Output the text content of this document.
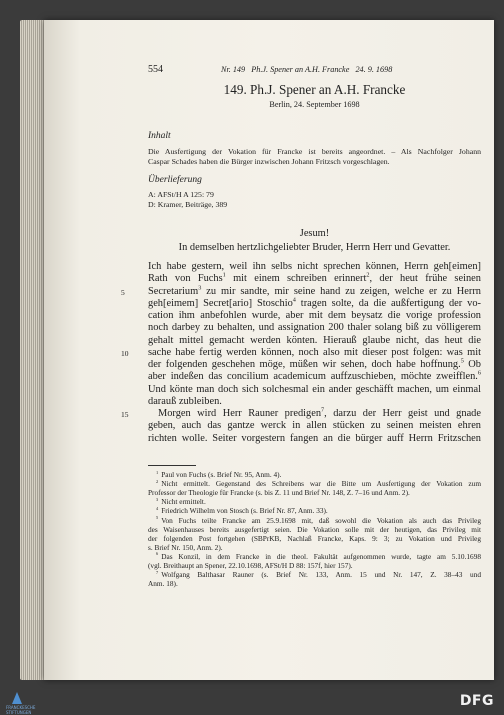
554	Nr. 149   Ph.J. Spener an A.H. Francke   24. 9. 1698
149. Ph.J. Spener an A.H. Francke
Berlin, 24. September 1698
Inhalt
Die Ausfertigung der Vokation für Francke ist bereits angeordnet. – Als Nachfolger Johann
Caspar Schades haben die Bürger inzwischen Johann Fritzsch vorgeschlagen.
Überlieferung
A: AFSt/H A 125: 79
D: Kramer, Beiträge, 389
Jesum!
In demselben hertzlichgeliebter Bruder, Herrn Herr und Gevatter.
Ich habe gestern, weil ihn selbs nicht sprechen können, Herrn geh[eimen]
Rath von Fuchs$^1$ mit einem schreiben erinnert$^2$, der heut frühe seinen
Secretarium$^3$ zu mir sandte, mir seine hand zu zeigen, welche er zu Herrn
5
geh[eimem] Secret[ario] Stoschio$^4$ tragen solte, da die außfertigung der vo-
cation ihm anbefohlen wurde, aber mit dem beysatz die vorige profession
noch darbey zu behalten, und assignation 200 thaler solang biß zu völligerem
gehalt mittel gemacht werden könten. Hierauß glaube nicht, das heut die
sache habe fertig werden können, noch also mit dieser post folgen: was mit
10
der folgenden geschehen möge, müßen wir sehen, doch habe hoffnung.$^5$ Ob
aber indeßen das concilium academicum auffzuschieben, möchte zweifflen.$^6$
Und könte man doch sich solchesmal ein ander geschäfft machen, um einmal
darauß zubleiben.
Morgen wird Herr Rauner predigen$^7$, darzu der Herr geist und gnade
15
geben, auch das gantze werck in allen stücken zu seinen meisten ehren
richten wolle. Seiter vorgestern fangen an die bürger auff Herrn Fritzschen
$^1$ Paul von Fuchs (s. Brief Nr. 95, Anm. 4).
$^2$ Nicht ermittelt. Gegenstand des Schreibens war die Bitte um Ausfertigung der Vokation zum
Professor der Theologie für Francke (s. bis Z. 11 und Brief Nr. 148, Z. 7–16 und Anm. 2).
$^3$ Nicht ermittelt.
$^4$ Friedrich Wilhelm von Stosch (s. Brief Nr. 87, Anm. 33).
$^5$ Von Fuchs teilte Francke am 25.9.1698 mit, daß sowohl die Vokation als auch das Privileg
des Waisenhauses bereits ausgefertigt seien. Die Vokation solle mit der heutigen, das Privileg mit
der folgenden Post fortgehen (SBPrKB, Nachlaß Francke, Kaps. 9: 3; zu Vokation und Privileg
s. Brief Nr. 150, Anm. 2).
$^6$ Das Konzil, in dem Francke in die theol. Fakultät aufgenommen wurde, tagte am 5.10.1698
(vgl. Breithaupt an Spener, 22.10.1698, AFSt/H D 88: 157f, hier 157).
$^7$ Wolfgang Balthasar Rauner (s. Brief Nr. 133, Anm. 15 und Nr. 147, Z. 38–43 und
Anm. 18).
FRANCKESCHE STIFTUNGEN
DFG
